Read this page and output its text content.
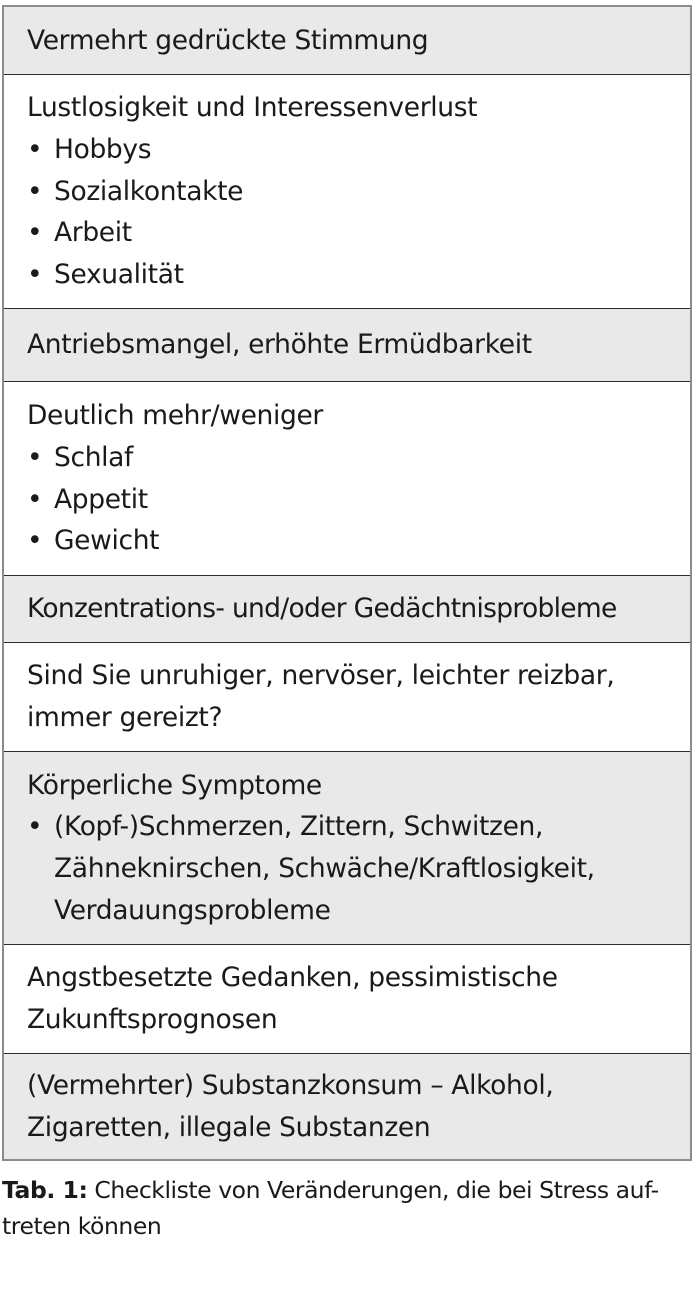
Vermehrt gedrückte Stimmung
Lustlosigkeit und Interessenverlust
• Hobbys
• Sozialkontakte
• Arbeit
• Sexualität
Antriebsmangel, erhöhte Ermüdbarkeit
Deutlich mehr/weniger
• Schlaf
• Appetit
• Gewicht
Konzentrations- und/oder Gedächtnisprobleme
Sind Sie unruhiger, nervöser, leichter reizbar,
immer gereizt?
Körperliche Symptome
• (Kopf-)Schmerzen, Zittern, Schwitzen,
Zähneknirschen, Schwäche/Kraftlosigkeit,
Verdauungsprobleme
Angstbesetzte Gedanken, pessimistische
Zukunftsprognosen
(Vermehrter) Substanzkonsum – Alkohol,
Zigaretten, illegale Substanzen
Tab. 1: Checkliste von Veränderungen, die bei Stress auf-
treten können
